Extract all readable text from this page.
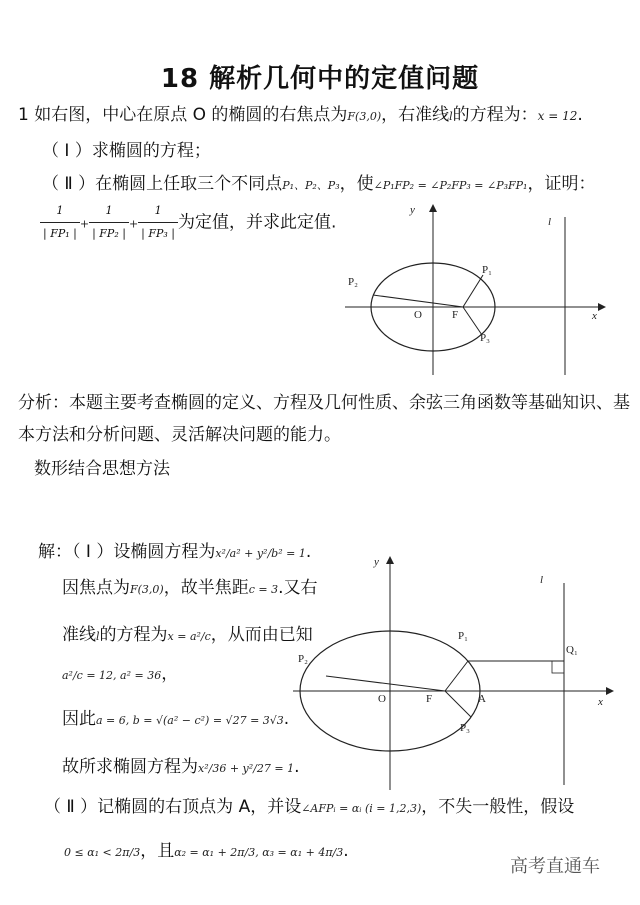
18 解析几何中的定值问题
1 如右图，中心在原点 O 的椭圆的右焦点为F(3,0)，右准线l的方程为：x = 12.
（ Ⅰ ）求椭圆的方程；
（ Ⅱ ）在椭圆上任取三个不同点P₁、P₂、P₃，使∠P₁FP₂ = ∠P₂FP₃ = ∠P₃FP₁，证明：
$\frac{1}{\text{| FP₁ |}} + \frac{1}{\text{| FP₂ |}} + \frac{1}{\text{| FP₃ |}}$ 为定值，并求此定值.
y
x
l
O	F
P₁
P₂
P₃
分析：本题主要考查椭圆的定义、方程及几何性质、余弦三角函数等基础知识、基
本方法和分析问题、灵活解决问题的能力。
数形结合思想方法
解：（ Ⅰ ）设椭圆方程为x²/a² + y²/b² = 1.
因焦点为F(3,0)，故半焦距c = 3.又右
准线l的方程为x = a²/c，从而由已知
a²/c = 12, a² = 36，
因此a = 6, b = √(a² − c²) = √27 = 3√3.
故所求椭圆方程为x²/36 + y²/27 = 1.
y
x
l
O	F	A
P₁
P₂
P₃
Q₁
（ Ⅱ ）记椭圆的右顶点为 A，并设∠AFPᵢ = αᵢ (i = 1,2,3)，不失一般性，假设
0 ≤ α₁ < 2π/3，且α₂ = α₁ + 2π/3, α₃ = α₁ + 4π/3.
高考直通车
